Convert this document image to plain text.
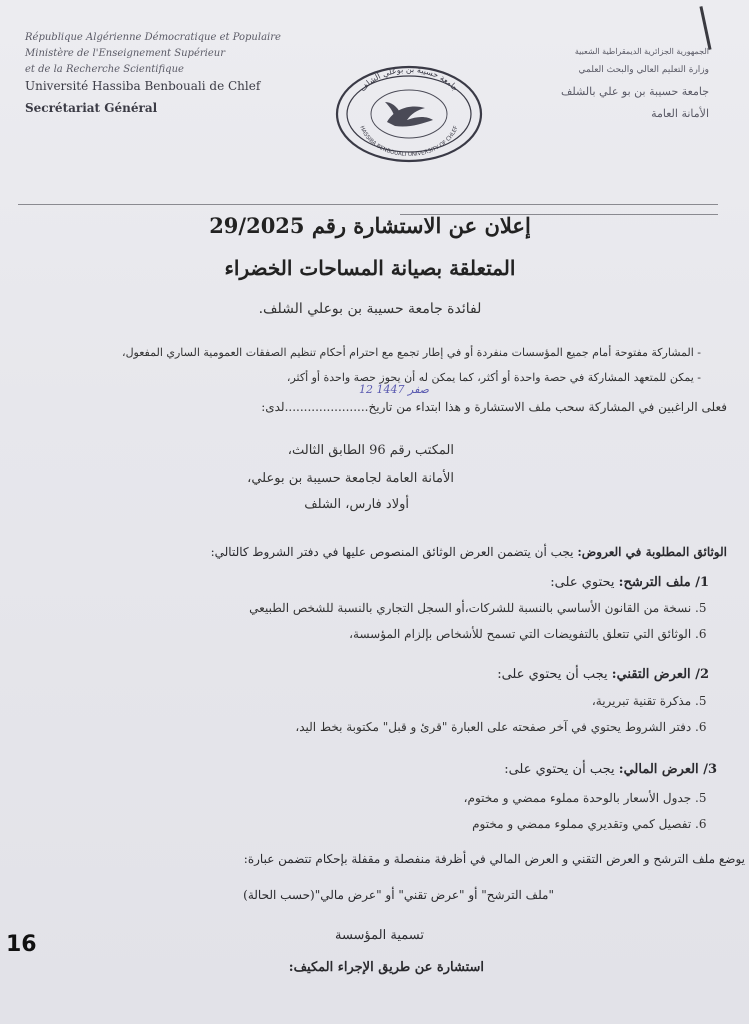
République Algérienne Démocratique et Populaire
Ministère de l'Enseignement Supérieur
et de la Recherche Scientifique
Université Hassiba Benbouali de Chlef
Secrétariat Général
الجمهورية الجزائرية الديمقراطية الشعبية
وزارة التعليم العالي والبحث العلمي
جامعة حسيبة بن بو علي بالشلف
الأمانة العامة
جامعة حسيبة بن بوعلي الشلف
HASSIBA BENBOUALI UNIVERSITY OF CHLEF
إعلان عن الاستشارة رقم 29/2025
المتعلقة بصيانة المساحات الخضراء
لفائدة جامعة حسيبة بن بوعلي الشلف.
- المشاركة مفتوحة أمام جميع المؤسسات منفردة أو في إطار تجمع مع احترام أحكام تنظيم الصفقات العمومية الساري المفعول،
- يمكن للمتعهد المشاركة في حصة واحدة أو أكثر، كما يمكن له أن يحوز حصة واحدة أو أكثر،
12 صفر 1447
فعلى الراغبين في المشاركة سحب ملف الاستشارة و هذا ابتداء من تاريخ......................لدى:
المكتب رقم 96 الطابق الثالث،
الأمانة العامة لجامعة حسيبة بن بوعلي،
أولاد فارس، الشلف
الوثائق المطلوبة في العروض: يجب أن يتضمن العرض الوثائق المنصوص عليها في دفتر الشروط كالتالي:
1/ ملف الترشح: يحتوي على:
5. نسخة من القانون الأساسي بالنسبة للشركات،أو السجل التجاري بالنسبة للشخص الطبيعي
6. الوثائق التي تتعلق بالتفويضات التي تسمح للأشخاص بإلزام المؤسسة،
2/ العرض التقني: يجب أن يحتوي على:
5. مذكرة تقنية تبريرية،
6. دفتر الشروط يحتوي في آخر صفحته على العبارة "قرئ و قبل" مكتوبة بخط اليد،
3/ العرض المالي: يجب أن يحتوي على:
5. جدول الأسعار بالوحدة مملوء ممضي و مختوم،
6. تفصيل كمي وتقديري مملوء ممضي و مختوم
يوضع ملف الترشح و العرض التقني و العرض المالي في أظرفة منفصلة و مقفلة بإحكام تتضمن عبارة:
"ملف الترشح" أو "عرض تقني" أو "عرض مالي"(حسب الحالة)
تسمية المؤسسة
استشارة عن طريق الإجراء المكيف:
16
